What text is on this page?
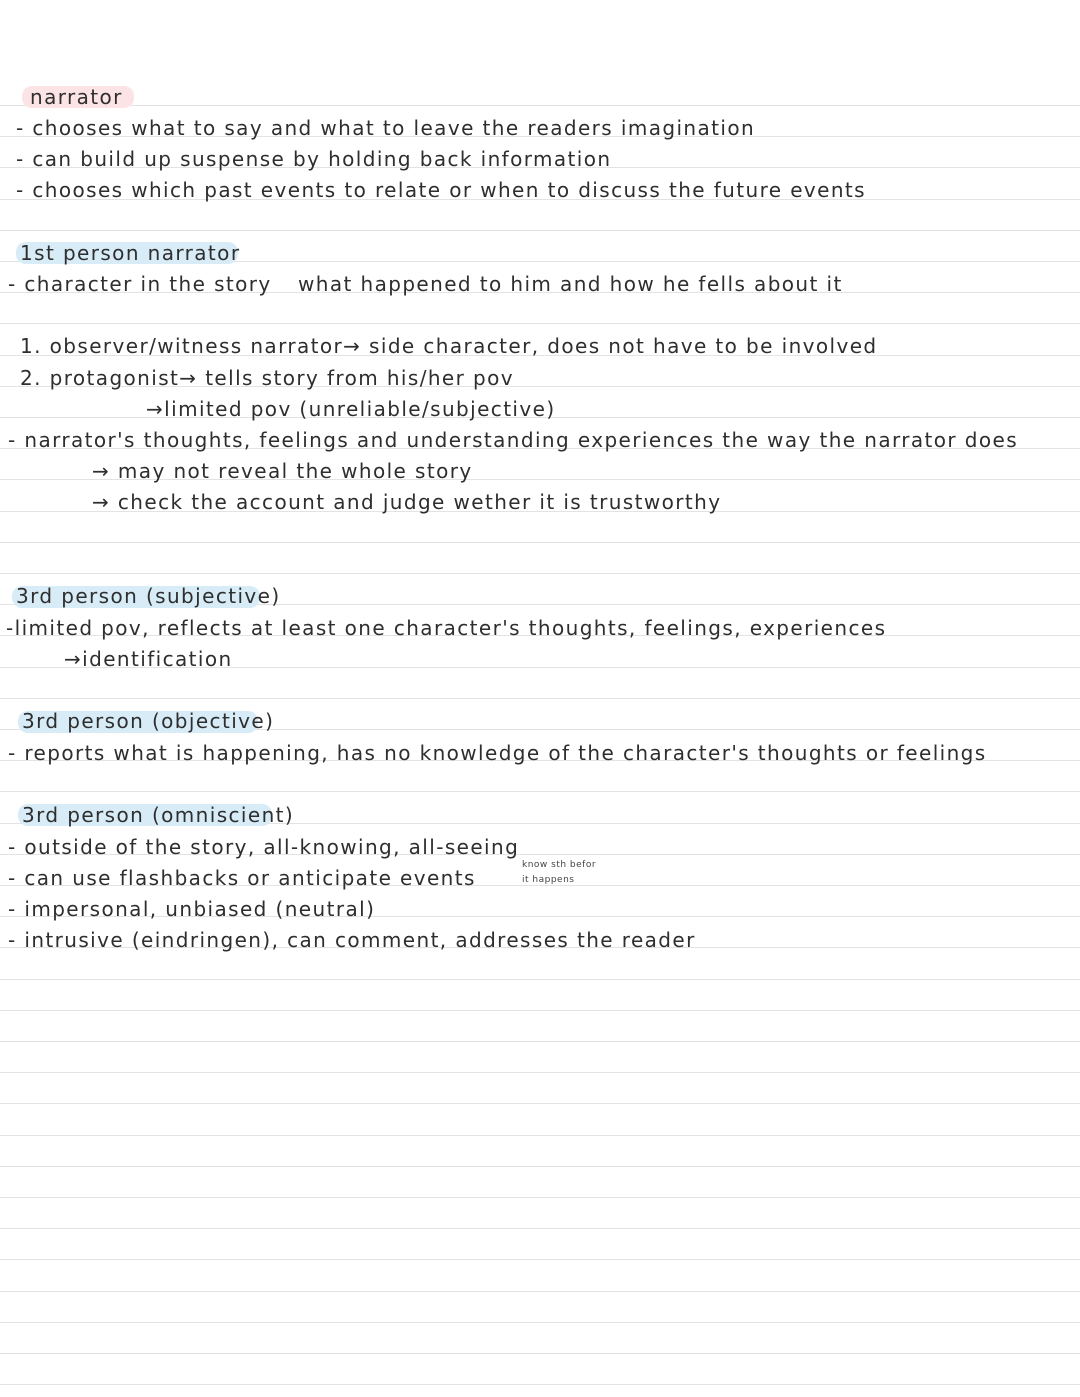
narrator
- chooses what to say and what to leave the readers imagination
- can build up suspense by holding back information
- chooses which past events to relate or when to discuss the future events
1st person narrator
- character in the story what happened to him and how he fells about it
1. observer/witness narrator→ side character, does not have to be involved
2. protagonist→ tells story from his/her pov
→limited pov (unreliable/subjective)
- narrator's thoughts, feelings and understanding experiences the way the narrator does
→ may not reveal the whole story
→ check the account and judge wether it is trustworthy
3rd person (subjective)
-limited pov, reflects at least one character's thoughts, feelings, experiences
→identification
3rd person (objective)
- reports what is happening, has no knowledge of the character's thoughts or feelings
3rd person (omniscient)
- outside of the story, all-knowing, all-seeing
know sth befor
it happens
- can use flashbacks or anticipate events
- impersonal, unbiased (neutral)
- intrusive (eindringen), can comment, addresses the reader
